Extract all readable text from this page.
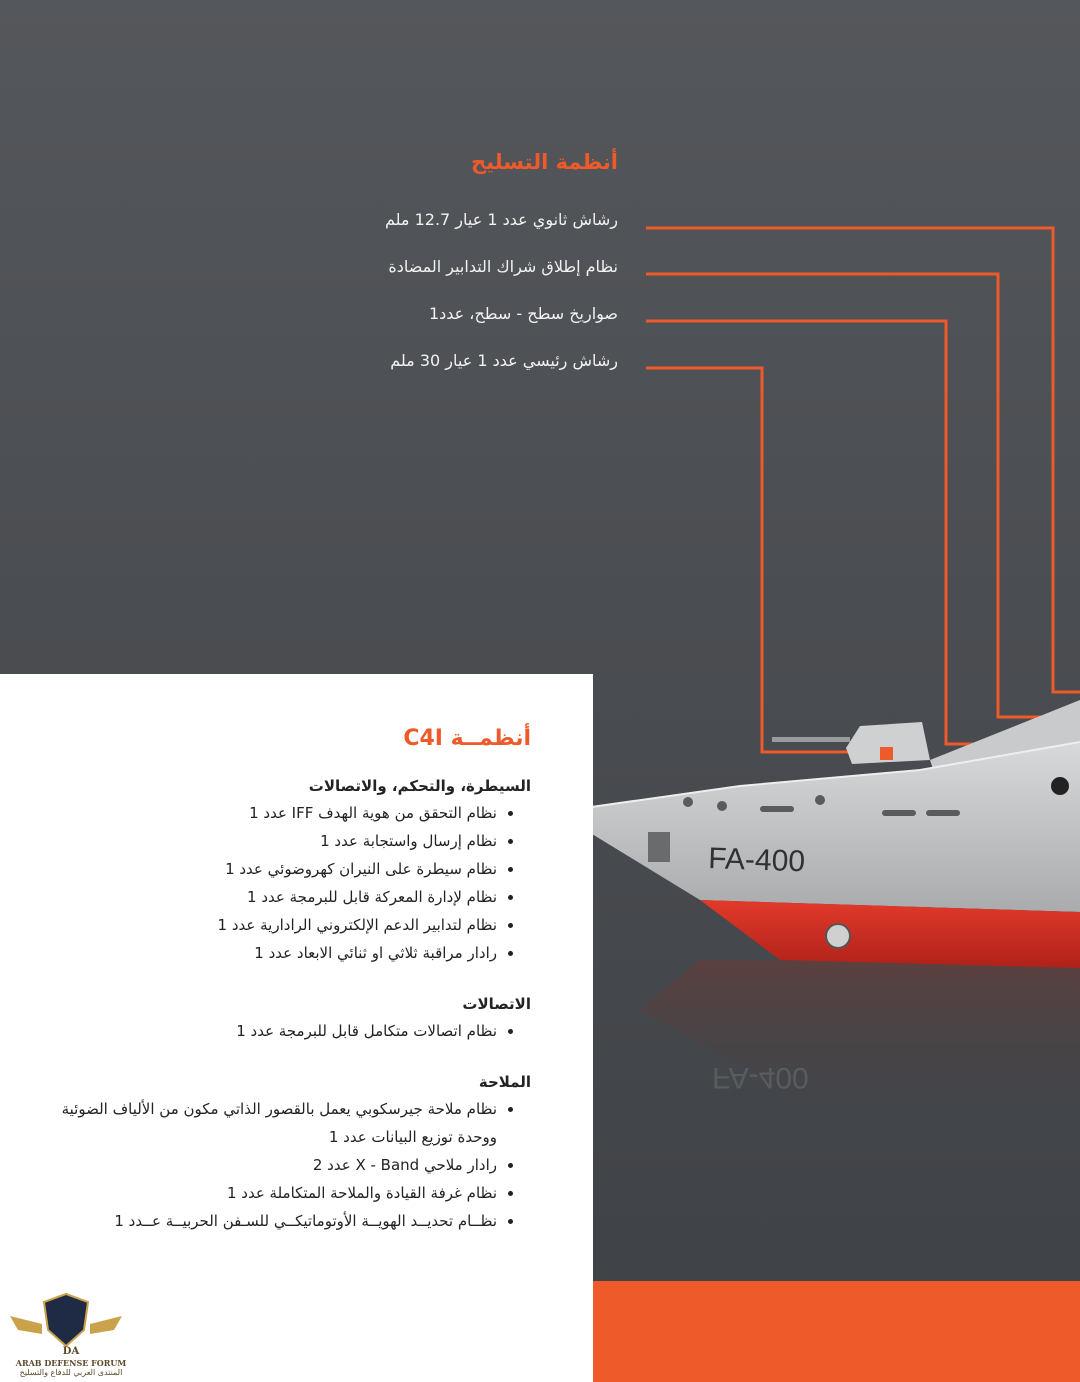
أنظمة التسليح
رشاش ثانوي عدد 1 عيار 12.7 ملم
نظام إطلاق شراك التدابير المضادة
صواريخ سطح - سطح، عدد1
رشاش رئيسي عدد 1 عيار 30 ملم
FA-400
FA-400
أنظمــة C4I
السيطرة، والتحكم، والاتصالات
• نظام التحقق من هوية الهدف IFF عدد 1
• نظام إرسال واستجابة عدد 1
• نظام سيطرة على النيران كهروضوئي عدد 1
• نظام لإدارة المعركة قابل للبرمجة عدد 1
• نظام لتدابير الدعم الإلكتروني الرادارية عدد 1
• رادار مراقبة ثلاثي او ثنائي الابعاد عدد 1
الاتصالات
• نظام اتصالات متكامل قابل للبرمجة عدد 1
الملاحة
• نظام ملاحة جيرسكوبي يعمل بالقصور الذاتي مكون من الألياف الضوئية ووحدة توزيع البيانات عدد 1
• رادار ملاحي X - Band عدد 2
• نظام غرفة القيادة والملاحة المتكاملة عدد 1
• نظــام تحديــد الهويــة الأوتوماتيكــي للسـفن الحربيــة عــدد 1
DA
ARAB DEFENSE FORUM
المنتدى العربي للدفاع والتسليح
